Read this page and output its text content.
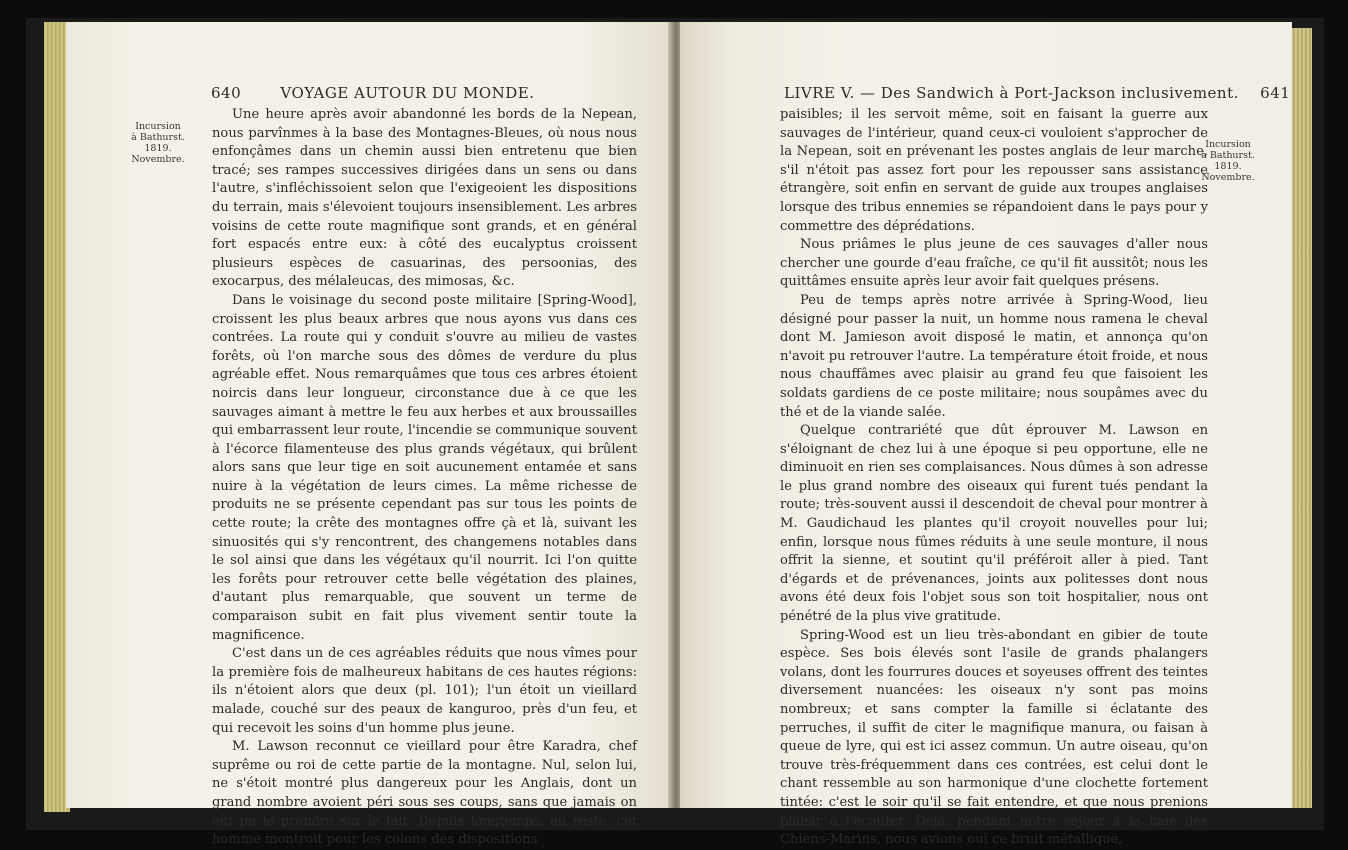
640	VOYAGE AUTOUR DU MONDE.
Incursion
à Bathurst.
1819.
Novembre.

Une heure après avoir abandonné les bords de la Nepean, nous parvînmes à la base des Montagnes-Bleues, où nous nous enfonçâmes dans un chemin aussi bien entretenu que bien tracé; ses rampes successives dirigées dans un sens ou dans l'autre, s'infléchissoient selon que l'exigeoient les dispositions du terrain, mais s'élevoient toujours insensiblement. Les arbres voisins de cette route magnifique sont grands, et en général fort espacés entre eux: à côté des eucalyptus croissent plusieurs espèces de casuarinas, des persoonias, des exocarpus, des mélaleucas, des mimosas, &c.

Dans le voisinage du second poste militaire [Spring-Wood], croissent les plus beaux arbres que nous ayons vus dans ces contrées. La route qui y conduit s'ouvre au milieu de vastes forêts, où l'on marche sous des dômes de verdure du plus agréable effet. Nous remarquâmes que tous ces arbres étoient noircis dans leur longueur, circonstance due à ce que les sauvages aimant à mettre le feu aux herbes et aux broussailles qui embarrassent leur route, l'incendie se communique souvent à l'écorce filamenteuse des plus grands végétaux, qui brûlent alors sans que leur tige en soit aucunement entamée et sans nuire à la végétation de leurs cimes. La même richesse de produits ne se présente cependant pas sur tous les points de cette route; la crête des montagnes offre çà et là, suivant les sinuosités qui s'y rencontrent, des changemens notables dans le sol ainsi que dans les végétaux qu'il nourrit. Ici l'on quitte les forêts pour retrouver cette belle végétation des plaines, d'autant plus remarquable, que souvent un terme de comparaison subit en fait plus vivement sentir toute la magnificence.

C'est dans un de ces agréables réduits que nous vîmes pour la première fois de malheureux habitans de ces hautes régions: ils n'étoient alors que deux (pl. 101); l'un étoit un vieillard malade, couché sur des peaux de kanguroo, près d'un feu, et qui recevoit les soins d'un homme plus jeune.

M. Lawson reconnut ce vieillard pour être Karadra, chef suprême ou roi de cette partie de la montagne. Nul, selon lui, ne s'étoit montré plus dangereux pour les Anglais, dont un grand nombre avoient péri sous ses coups, sans que jamais on eût pu le prendre sur le fait. Depuis longtemps, au reste, cet homme montroit pour les colons des dispositions

LIVRE V. — Des Sandwich à Port-Jackson inclusivement. 641
Incursion
à Bathurst.
1819.
Novembre.

paisibles; il les servoit même, soit en faisant la guerre aux sauvages de l'intérieur, quand ceux-ci vouloient s'approcher de la Nepean, soit en prévenant les postes anglais de leur marche, s'il n'étoit pas assez fort pour les repousser sans assistance étrangère, soit enfin en servant de guide aux troupes anglaises lorsque des tribus ennemies se répandoient dans le pays pour y commettre des déprédations.

Nous priâmes le plus jeune de ces sauvages d'aller nous chercher une gourde d'eau fraîche, ce qu'il fit aussitôt; nous les quittâmes ensuite après leur avoir fait quelques présens.

Peu de temps après notre arrivée à Spring-Wood, lieu désigné pour passer la nuit, un homme nous ramena le cheval dont M. Jamieson avoit disposé le matin, et annonça qu'on n'avoit pu retrouver l'autre. La température étoit froide, et nous nous chauffâmes avec plaisir au grand feu que faisoient les soldats gardiens de ce poste militaire; nous soupâmes avec du thé et de la viande salée.

Quelque contrariété que dût éprouver M. Lawson en s'éloignant de chez lui à une époque si peu opportune, elle ne diminuoit en rien ses complaisances. Nous dûmes à son adresse le plus grand nombre des oiseaux qui furent tués pendant la route; très-souvent aussi il descendoit de cheval pour montrer à M. Gaudichaud les plantes qu'il croyoit nouvelles pour lui; enfin, lorsque nous fûmes réduits à une seule monture, il nous offrit la sienne, et soutint qu'il préféroit aller à pied. Tant d'égards et de prévenances, joints aux politesses dont nous avons été deux fois l'objet sous son toit hospitalier, nous ont pénétré de la plus vive gratitude.

Spring-Wood est un lieu très-abondant en gibier de toute espèce. Ses bois élevés sont l'asile de grands phalangers volans, dont les fourrures douces et soyeuses offrent des teintes diversement nuancées: les oiseaux n'y sont pas moins nombreux; et sans compter la famille si éclatante des perruches, il suffit de citer le magnifique manura, ou faisan à queue de lyre, qui est ici assez commun. Un autre oiseau, qu'on trouve très-fréquemment dans ces contrées, est celui dont le chant ressemble au son harmonique d'une clochette fortement tintée: c'est le soir qu'il se fait entendre, et que nous prenions plaisir à l'écouter. Déjà, pendant notre séjour à la baie des Chiens-Marins, nous avions ouï ce bruit métallique,
